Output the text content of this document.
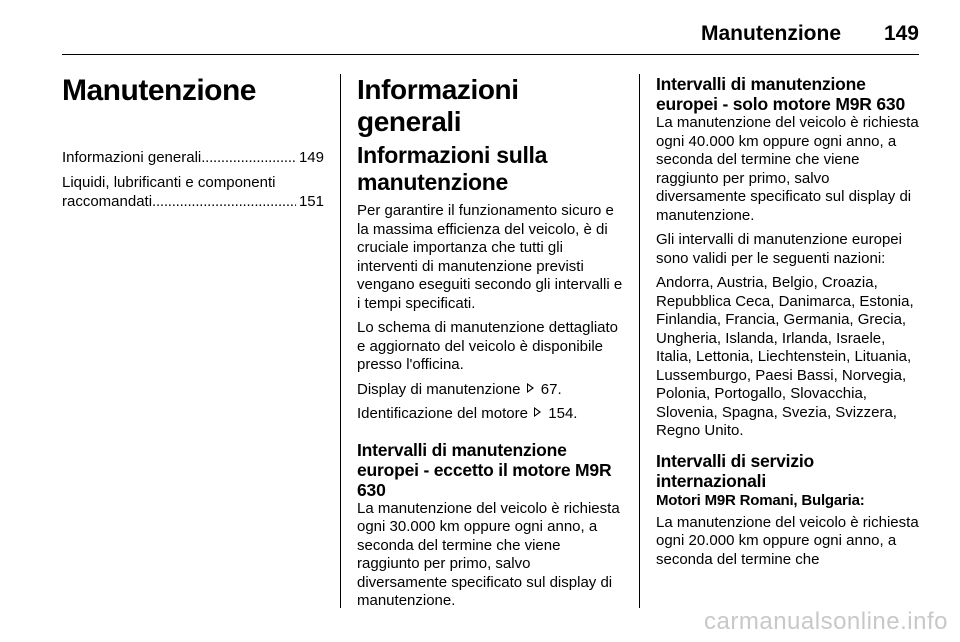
Manutenzione 149
Manutenzione
Informazioni generali . . .	149
Liquidi, lubrificanti e componenti
raccomandati . . .	151
Informazioni generali
Informazioni sulla manutenzione

Per garantire il funzionamento sicuro e la massima efficienza del veicolo, è di cruciale importanza che tutti gli interventi di manutenzione previsti vengano eseguiti secondo gli intervalli e i tempi specificati.

Lo schema di manutenzione dettagliato e aggiornato del veicolo è disponibile presso l'officina.

Display di manutenzione 67.

Identificazione del motore 154.

Intervalli di manutenzione europei - eccetto il motore M9R 630

La manutenzione del veicolo è richiesta ogni 30.000 km oppure ogni anno, a seconda del termine che viene raggiunto per primo, salvo diversamente specificato sul display di manutenzione.

Intervalli di manutenzione europei - solo motore M9R 630

La manutenzione del veicolo è richiesta ogni 40.000 km oppure ogni anno, a seconda del termine che viene raggiunto per primo, salvo diversamente specificato sul display di manutenzione.

Gli intervalli di manutenzione europei sono validi per le seguenti nazioni:

Andorra, Austria, Belgio, Croazia, Repubblica Ceca, Danimarca, Estonia, Finlandia, Francia, Germania, Grecia, Ungheria, Islanda, Irlanda, Israele, Italia, Lettonia, Liechtenstein, Lituania, Lussemburgo, Paesi Bassi, Norvegia, Polonia, Portogallo, Slovacchia, Slovenia, Spagna, Svezia, Svizzera, Regno Unito.

Intervalli di servizio internazionali
Motori M9R Romani, Bulgaria:

La manutenzione del veicolo è richiesta ogni 20.000 km oppure ogni anno, a seconda del termine che

carmanualsonline.info
